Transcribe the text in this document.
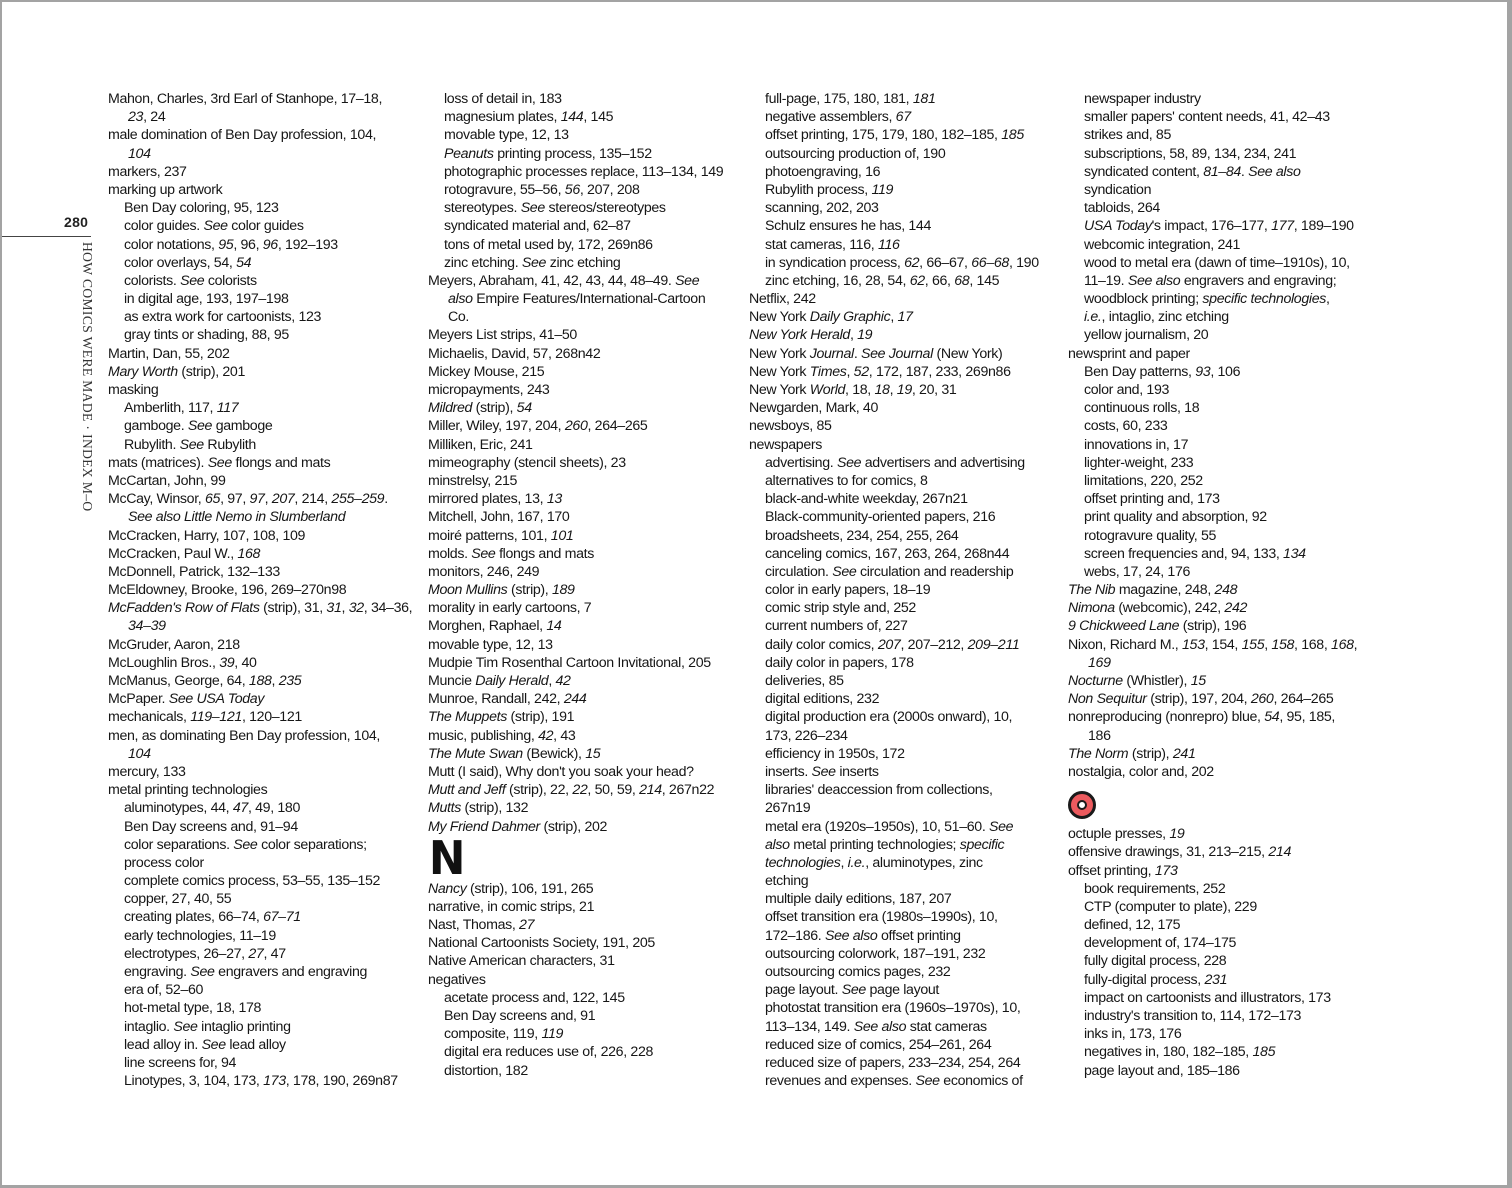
280
HOW COMICS WERE MADE · INDEX M–O
Mahon, Charles, 3rd Earl of Stanhope, 17–18,
23, 24
male domination of Ben Day profession, 104,
104
markers, 237
marking up artwork
Ben Day coloring, 95, 123
color guides. See color guides
color notations, 95, 96, 96, 192–193
color overlays, 54, 54
colorists. See colorists
in digital age, 193, 197–198
as extra work for cartoonists, 123
gray tints or shading, 88, 95
Martin, Dan, 55, 202
Mary Worth (strip), 201
masking
Amberlith, 117, 117
gamboge. See gamboge
Rubylith. See Rubylith
mats (matrices). See flongs and mats
McCartan, John, 99
McCay, Winsor, 65, 97, 97, 207, 214, 255–259.
See also Little Nemo in Slumberland
McCracken, Harry, 107, 108, 109
McCracken, Paul W., 168
McDonnell, Patrick, 132–133
McEldowney, Brooke, 196, 269–270n98
McFadden's Row of Flats (strip), 31, 31, 32, 34–36,
34–39
McGruder, Aaron, 218
McLoughlin Bros., 39, 40
McManus, George, 64, 188, 235
McPaper. See USA Today
mechanicals, 119–121, 120–121
men, as dominating Ben Day profession, 104,
104
mercury, 133
metal printing technologies
aluminotypes, 44, 47, 49, 180
Ben Day screens and, 91–94
color separations. See color separations;
process color
complete comics process, 53–55, 135–152
copper, 27, 40, 55
creating plates, 66–74, 67–71
early technologies, 11–19
electrotypes, 26–27, 27, 47
engraving. See engravers and engraving
era of, 52–60
hot-metal type, 18, 178
intaglio. See intaglio printing
lead alloy in. See lead alloy
line screens for, 94
Linotypes, 3, 104, 173, 173, 178, 190, 269n87
loss of detail in, 183
magnesium plates, 144, 145
movable type, 12, 13
Peanuts printing process, 135–152
photographic processes replace, 113–134, 149
rotogravure, 55–56, 56, 207, 208
stereotypes. See stereos/stereotypes
syndicated material and, 62–87
tons of metal used by, 172, 269n86
zinc etching. See zinc etching
Meyers, Abraham, 41, 42, 43, 44, 48–49. See
also Empire Features/International-Cartoon
Co.
Meyers List strips, 41–50
Michaelis, David, 57, 268n42
Mickey Mouse, 215
micropayments, 243
Mildred (strip), 54
Miller, Wiley, 197, 204, 260, 264–265
Milliken, Eric, 241
mimeography (stencil sheets), 23
minstrelsy, 215
mirrored plates, 13, 13
Mitchell, John, 167, 170
moiré patterns, 101, 101
molds. See flongs and mats
monitors, 246, 249
Moon Mullins (strip), 189
morality in early cartoons, 7
Morghen, Raphael, 14
movable type, 12, 13
Mudpie Tim Rosenthal Cartoon Invitational, 205
Muncie Daily Herald, 42
Munroe, Randall, 242, 244
The Muppets (strip), 191
music, publishing, 42, 43
The Mute Swan (Bewick), 15
Mutt (I said), Why don't you soak your head?
Mutt and Jeff (strip), 22, 22, 50, 59, 214, 267n22
Mutts (strip), 132
My Friend Dahmer (strip), 202
N
Nancy (strip), 106, 191, 265
narrative, in comic strips, 21
Nast, Thomas, 27
National Cartoonists Society, 191, 205
Native American characters, 31
negatives
acetate process and, 122, 145
Ben Day screens and, 91
composite, 119, 119
digital era reduces use of, 226, 228
distortion, 182
full-page, 175, 180, 181, 181
negative assemblers, 67
offset printing, 175, 179, 180, 182–185, 185
outsourcing production of, 190
photoengraving, 16
Rubylith process, 119
scanning, 202, 203
Schulz ensures he has, 144
stat cameras, 116, 116
in syndication process, 62, 66–67, 66–68, 190
zinc etching, 16, 28, 54, 62, 66, 68, 145
Netflix, 242
New York Daily Graphic, 17
New York Herald, 19
New York Journal. See Journal (New York)
New York Times, 52, 172, 187, 233, 269n86
New York World, 18, 18, 19, 20, 31
Newgarden, Mark, 40
newsboys, 85
newspapers
advertising. See advertisers and advertising
alternatives to for comics, 8
black-and-white weekday, 267n21
Black-community-oriented papers, 216
broadsheets, 234, 254, 255, 264
canceling comics, 167, 263, 264, 268n44
circulation. See circulation and readership
color in early papers, 18–19
comic strip style and, 252
current numbers of, 227
daily color comics, 207, 207–212, 209–211
daily color in papers, 178
deliveries, 85
digital editions, 232
digital production era (2000s onward), 10,
173, 226–234
efficiency in 1950s, 172
inserts. See inserts
libraries' deaccession from collections,
267n19
metal era (1920s–1950s), 10, 51–60. See
also metal printing technologies; specific
technologies, i.e., aluminotypes, zinc
etching
multiple daily editions, 187, 207
offset transition era (1980s–1990s), 10,
172–186. See also offset printing
outsourcing colorwork, 187–191, 232
outsourcing comics pages, 232
page layout. See page layout
photostat transition era (1960s–1970s), 10,
113–134, 149. See also stat cameras
reduced size of comics, 254–261, 264
reduced size of papers, 233–234, 254, 264
revenues and expenses. See economics of
newspaper industry
smaller papers' content needs, 41, 42–43
strikes and, 85
subscriptions, 58, 89, 134, 234, 241
syndicated content, 81–84. See also
syndication
tabloids, 264
USA Today's impact, 176–177, 177, 189–190
webcomic integration, 241
wood to metal era (dawn of time–1910s), 10,
11–19. See also engravers and engraving;
woodblock printing; specific technologies,
i.e., intaglio, zinc etching
yellow journalism, 20
newsprint and paper
Ben Day patterns, 93, 106
color and, 193
continuous rolls, 18
costs, 60, 233
innovations in, 17
lighter-weight, 233
limitations, 220, 252
offset printing and, 173
print quality and absorption, 92
rotogravure quality, 55
screen frequencies and, 94, 133, 134
webs, 17, 24, 176
The Nib magazine, 248, 248
Nimona (webcomic), 242, 242
9 Chickweed Lane (strip), 196
Nixon, Richard M., 153, 154, 155, 158, 168, 168,
169
Nocturne (Whistler), 15
Non Sequitur (strip), 197, 204, 260, 264–265
nonreproducing (nonrepro) blue, 54, 95, 185,
186
The Norm (strip), 241
nostalgia, color and, 202
octuple presses, 19
offensive drawings, 31, 213–215, 214
offset printing, 173
book requirements, 252
CTP (computer to plate), 229
defined, 12, 175
development of, 174–175
fully digital process, 228
fully-digital process, 231
impact on cartoonists and illustrators, 173
industry's transition to, 114, 172–173
inks in, 173, 176
negatives in, 180, 182–185, 185
page layout and, 185–186
